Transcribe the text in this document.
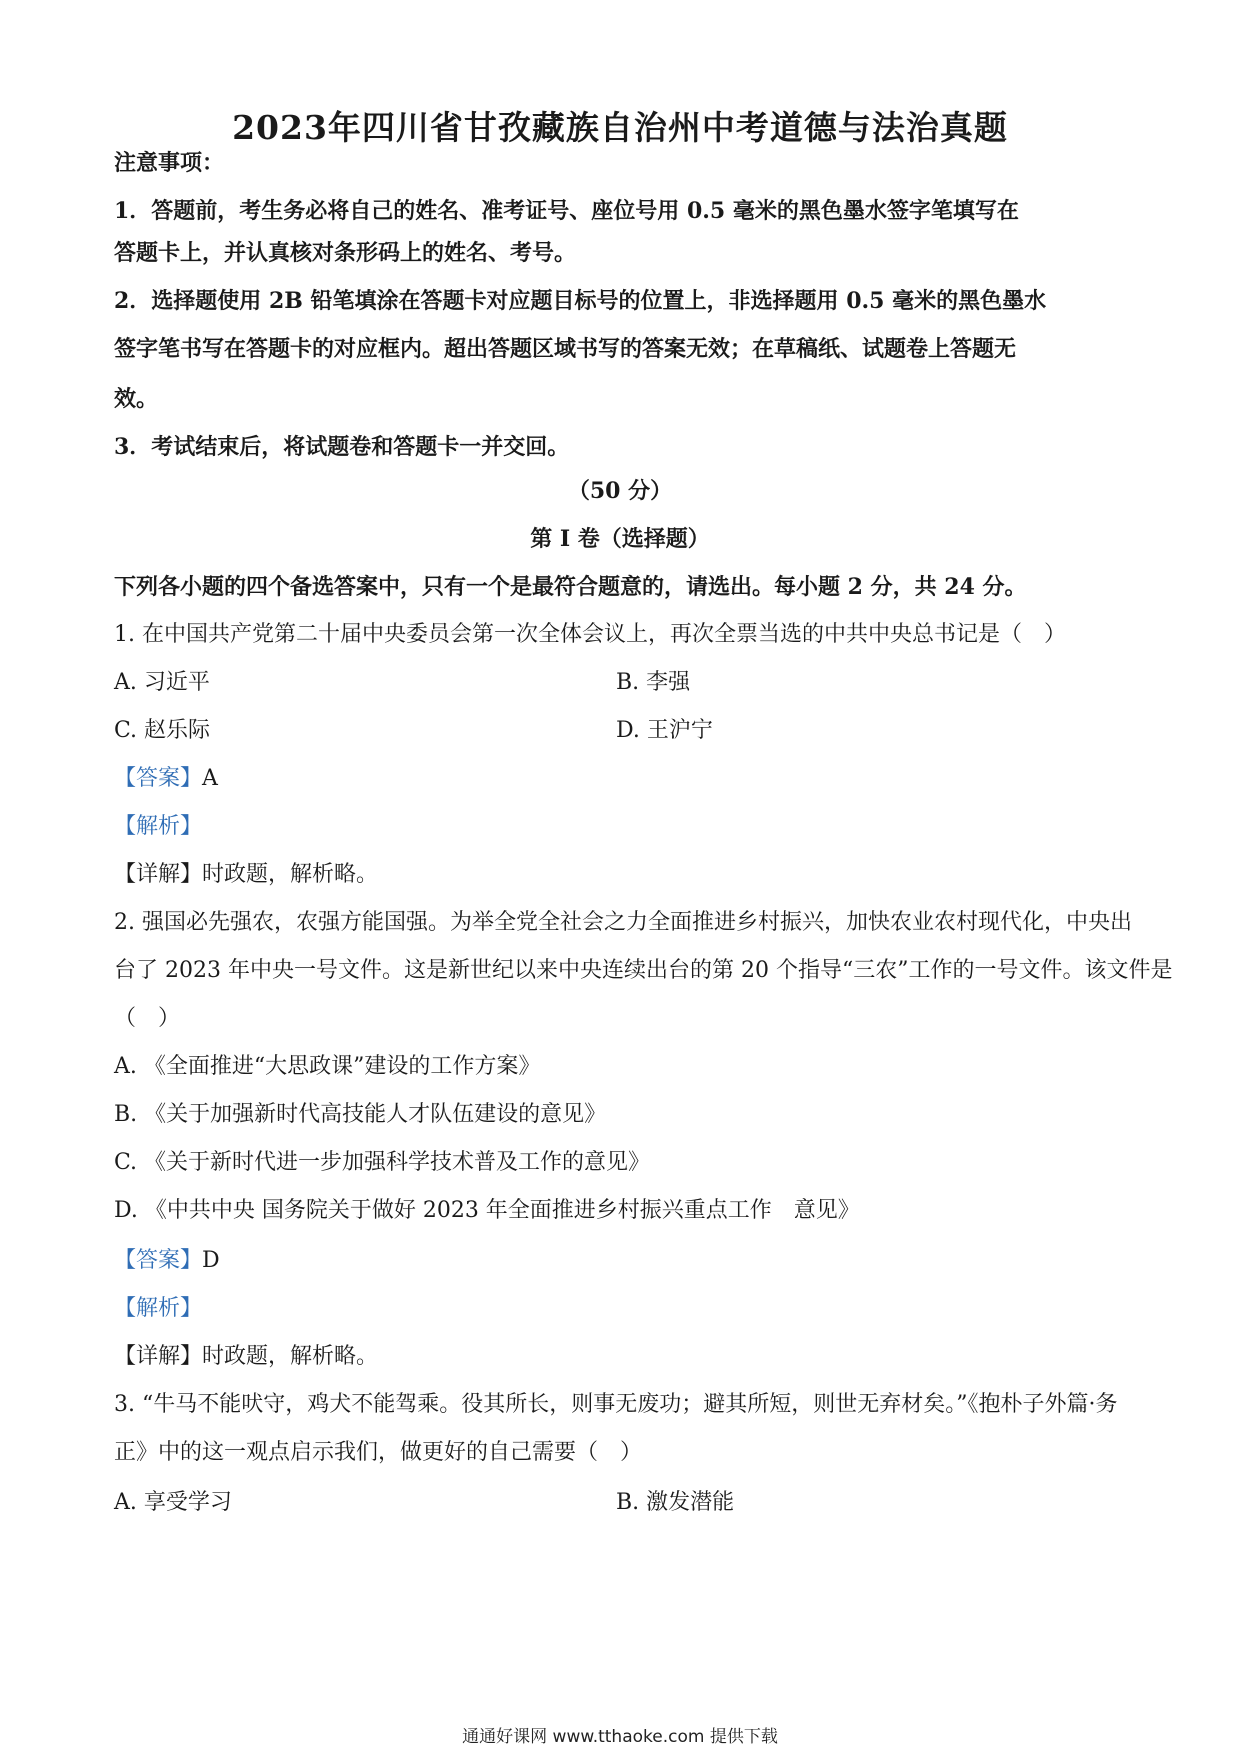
2023年四川省甘孜藏族自治州中考道德与法治真题
注意事项：
1．答题前，考生务必将自己的姓名、准考证号、座位号用 0.5 毫米的黑色墨水签字笔填写在
答题卡上，并认真核对条形码上的姓名、考号。
2．选择题使用 2B 铅笔填涂在答题卡对应题目标号的位置上，非选择题用 0.5 毫米的黑色墨水
签字笔书写在答题卡的对应框内。超出答题区域书写的答案无效；在草稿纸、试题卷上答题无
效。
3．考试结束后，将试题卷和答题卡一并交回。
（50 分）
第 I 卷（选择题）
下列各小题的四个备选答案中，只有一个是最符合题意的，请选出。每小题 2 分，共 24 分。
1. 在中国共产党第二十届中央委员会第一次全体会议上，再次全票当选的中共中央总书记是（　）
A. 习近平	B. 李强
C. 赵乐际	D. 王沪宁
【答案】A
【解析】
【详解】时政题，解析略。
2. 强国必先强农，农强方能国强。为举全党全社会之力全面推进乡村振兴，加快农业农村现代化，中央出
台了 2023 年中央一号文件。这是新世纪以来中央连续出台的第 20 个指导“三农”工作的一号文件。该文件是
（　）
A. 《全面推进“大思政课”建设的工作方案》
B. 《关于加强新时代高技能人才队伍建设的意见》
C. 《关于新时代进一步加强科学技术普及工作的意见》
D. 《中共中央 国务院关于做好 2023 年全面推进乡村振兴重点工作　意见》
【答案】D
【解析】
【详解】时政题，解析略。
3. “牛马不能吠守，鸡犬不能驾乘。役其所长，则事无废功；避其所短，则世无弃材矣。”《抱朴子外篇·务
正》中的这一观点启示我们，做更好的自己需要（　）
A. 享受学习	B. 激发潜能
通通好课网 www.tthaoke.com 提供下载
